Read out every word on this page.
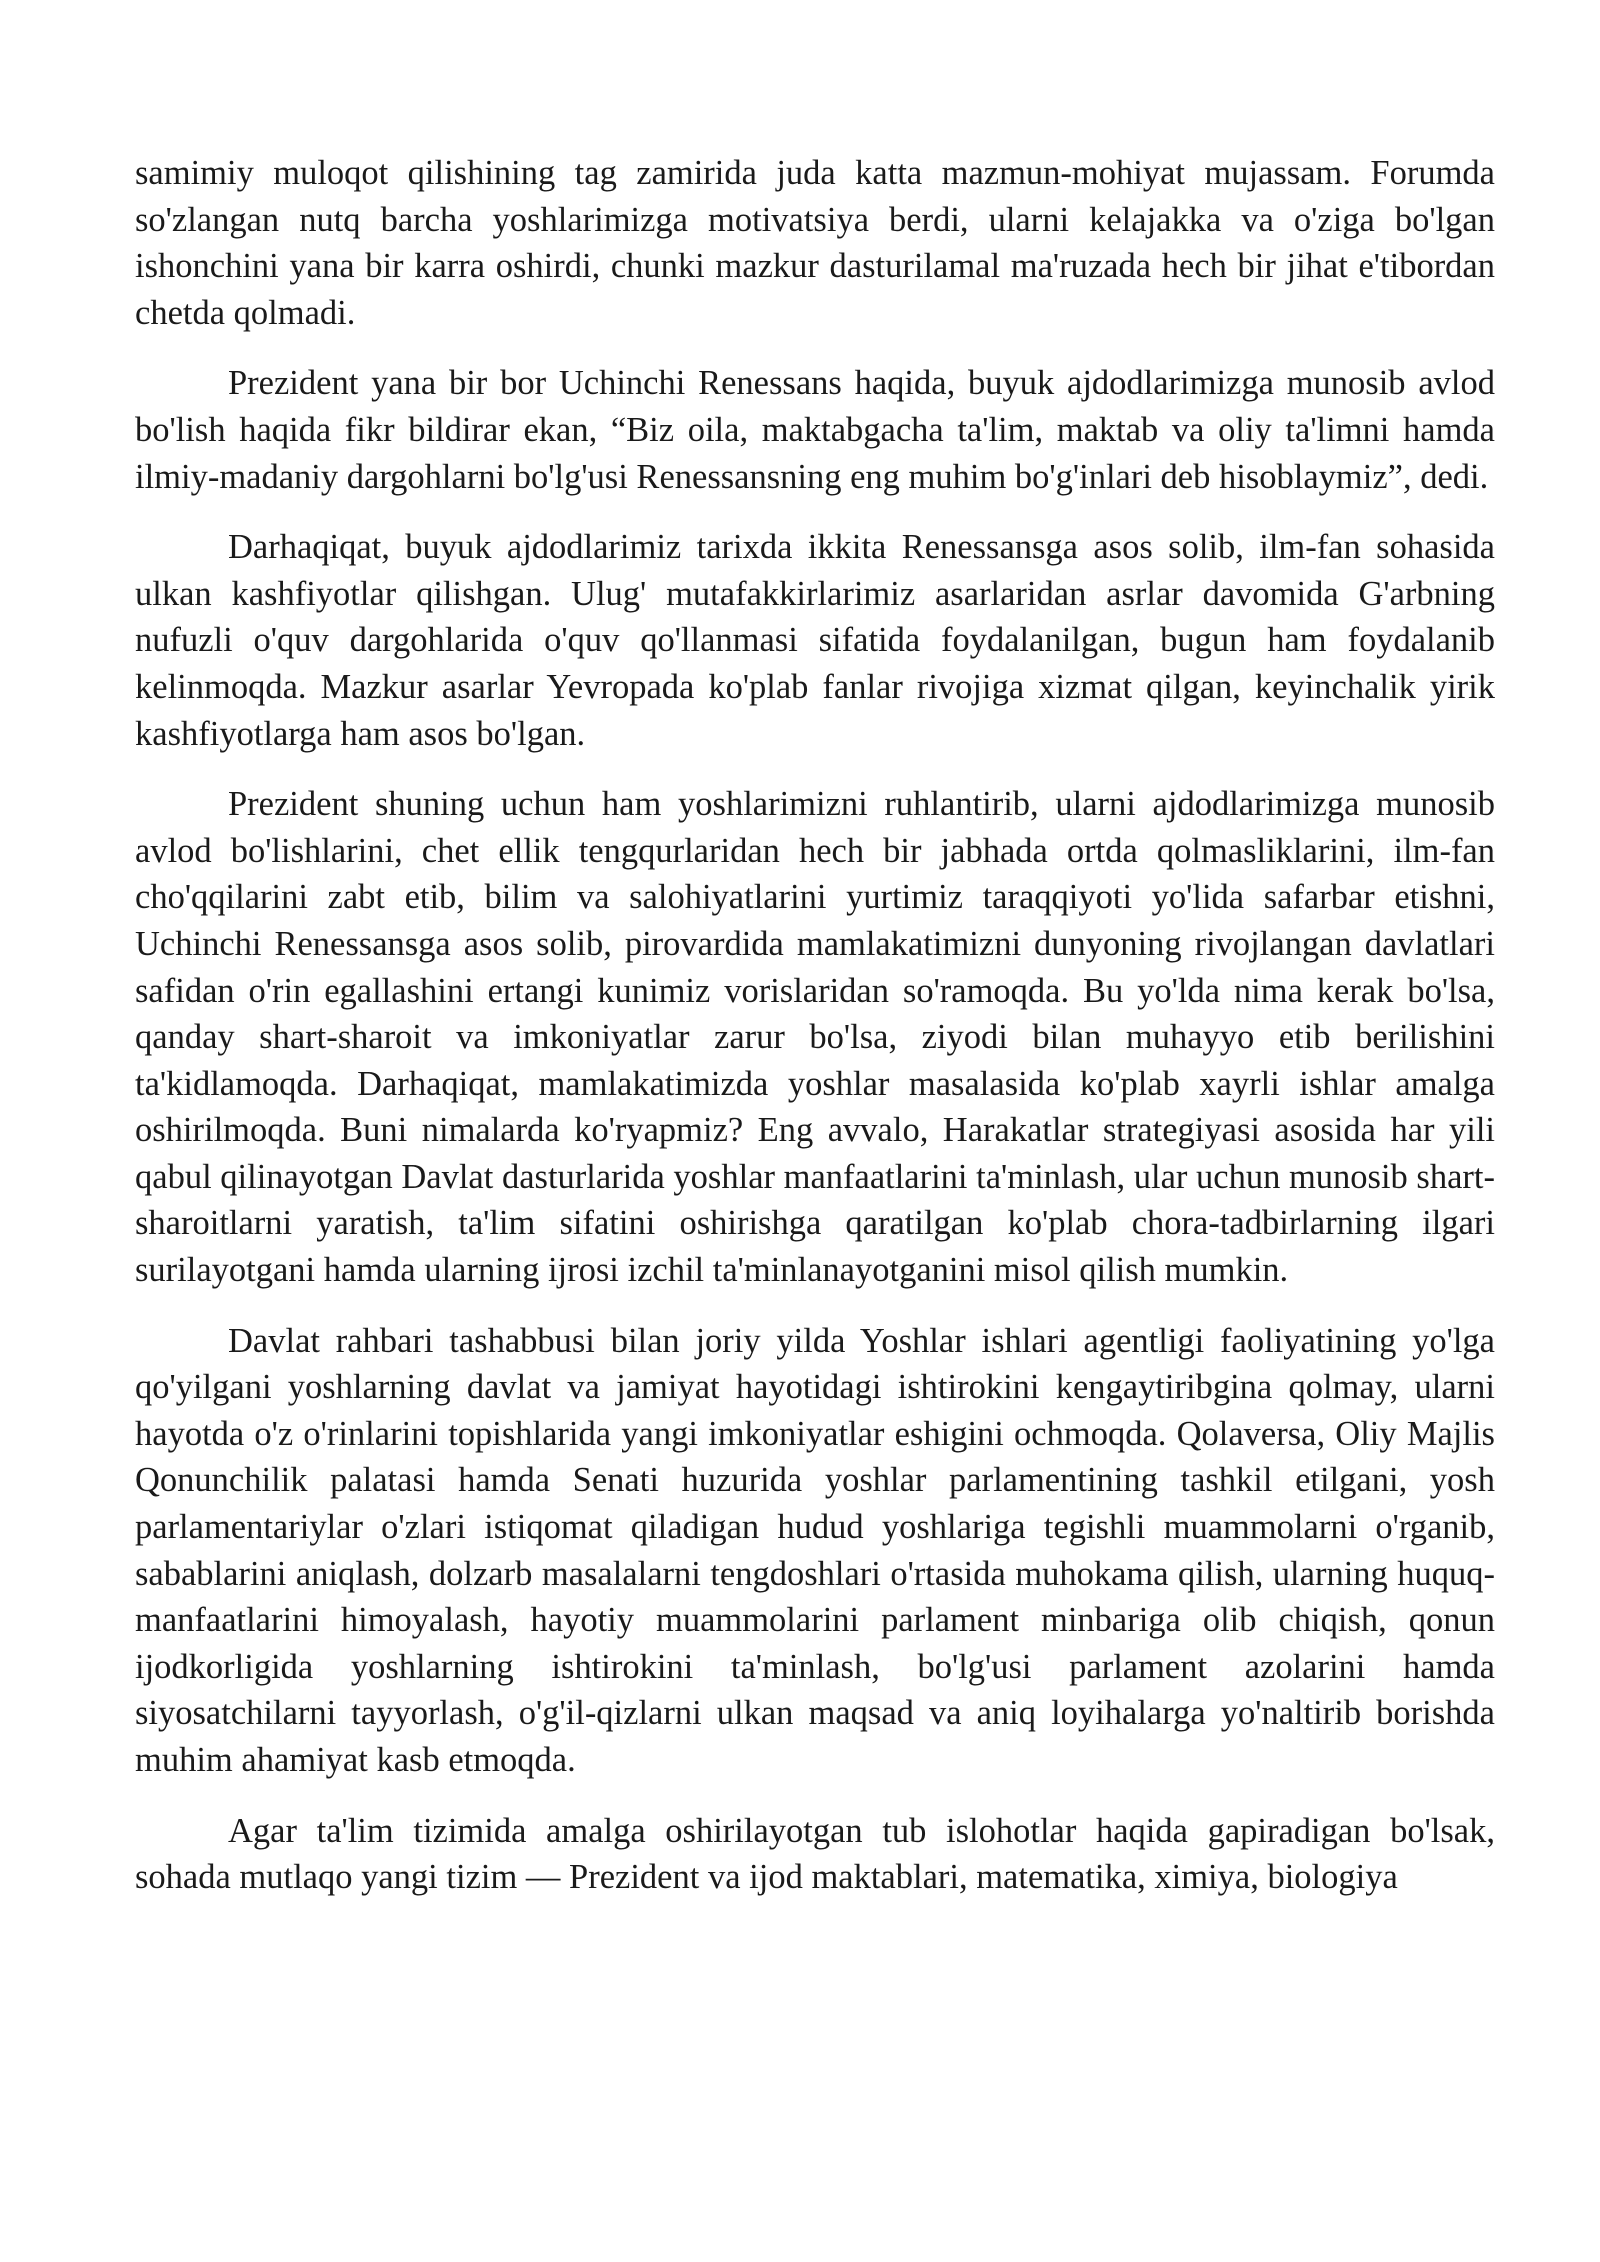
samimiy muloqot qilishining tag zamirida juda katta mazmun-mohiyat mujassam. Forumda so'zlangan nutq barcha yoshlarimizga motivatsiya berdi, ularni kelajakka va o'ziga bo'lgan ishonchini yana bir karra oshirdi, chunki mazkur dasturilamal ma'ruzada hech bir jihat e'tibordan chetda qolmadi.

Prezident yana bir bor Uchinchi Renessans haqida, buyuk ajdodlarimizga munosib avlod bo'lish haqida fikr bildirar ekan, “Biz oila, maktabgacha ta'lim, maktab va oliy ta'limni hamda ilmiy-madaniy dargohlarni bo'lg'usi Renessansning eng muhim bo'g'inlari deb hisoblaymiz”, dedi.

Darhaqiqat, buyuk ajdodlarimiz tarixda ikkita Renessansga asos solib, ilm-fan sohasida ulkan kashfiyotlar qilishgan. Ulug' mutafakkirlarimiz asarlaridan asrlar davomida G'arbning nufuzli o'quv dargohlarida o'quv qo'llanmasi sifatida foydalanilgan, bugun ham foydalanib kelinmoqda. Mazkur asarlar Yevropada ko'plab fanlar rivojiga xizmat qilgan, keyinchalik yirik kashfiyotlarga ham asos bo'lgan.

Prezident shuning uchun ham yoshlarimizni ruhlantirib, ularni ajdodlarimizga munosib avlod bo'lishlarini, chet ellik tengqurlaridan hech bir jabhada ortda qolmasliklarini, ilm-fan cho'qqilarini zabt etib, bilim va salohiyatlarini yurtimiz taraqqiyoti yo'lida safarbar etishni, Uchinchi Renessansga asos solib, pirovardida mamlakatimizni dunyoning rivojlangan davlatlari safidan o'rin egallashini ertangi kunimiz vorislaridan so'ramoqda. Bu yo'lda nima kerak bo'lsa, qanday shart-sharoit va imkoniyatlar zarur bo'lsa, ziyodi bilan muhayyo etib berilishini ta'kidlamoqda. Darhaqiqat, mamlakatimizda yoshlar masalasida ko'plab xayrli ishlar amalga oshirilmoqda. Buni nimalarda ko'ryapmiz? Eng avvalo, Harakatlar strategiyasi asosida har yili qabul qilinayotgan Davlat dasturlarida yoshlar manfaatlarini ta'minlash, ular uchun munosib shart-sharoitlarni yaratish, ta'lim sifatini oshirishga qaratilgan ko'plab chora-tadbirlarning ilgari surilayotgani hamda ularning ijrosi izchil ta'minlanayotganini misol qilish mumkin.

Davlat rahbari tashabbusi bilan joriy yilda Yoshlar ishlari agentligi faoliyatining yo'lga qo'yilgani yoshlarning davlat va jamiyat hayotidagi ishtirokini kengaytiribgina qolmay, ularni hayotda o'z o'rinlarini topishlarida yangi imkoniyatlar eshigini ochmoqda. Qolaversa, Oliy Majlis Qonunchilik palatasi hamda Senati huzurida yoshlar parlamentining tashkil etilgani, yosh parlamentariylar o'zlari istiqomat qiladigan hudud yoshlariga tegishli muammolarni o'rganib, sabablarini aniqlash, dolzarb masalalarni tengdoshlari o'rtasida muhokama qilish, ularning huquq-manfaatlarini himoyalash, hayotiy muammolarini parlament minbariga olib chiqish, qonun ijodkorligida yoshlarning ishtirokini ta'minlash, bo'lg'usi parlament azolarini hamda siyosatchilarni tayyorlash, o'g'il-qizlarni ulkan maqsad va aniq loyihalarga yo'naltirib borishda muhim ahamiyat kasb etmoqda.

Agar ta'lim tizimida amalga oshirilayotgan tub islohotlar haqida gapiradigan bo'lsak, sohada mutlaqo yangi tizim — Prezident va ijod maktablari, matematika, ximiya, biologiya
